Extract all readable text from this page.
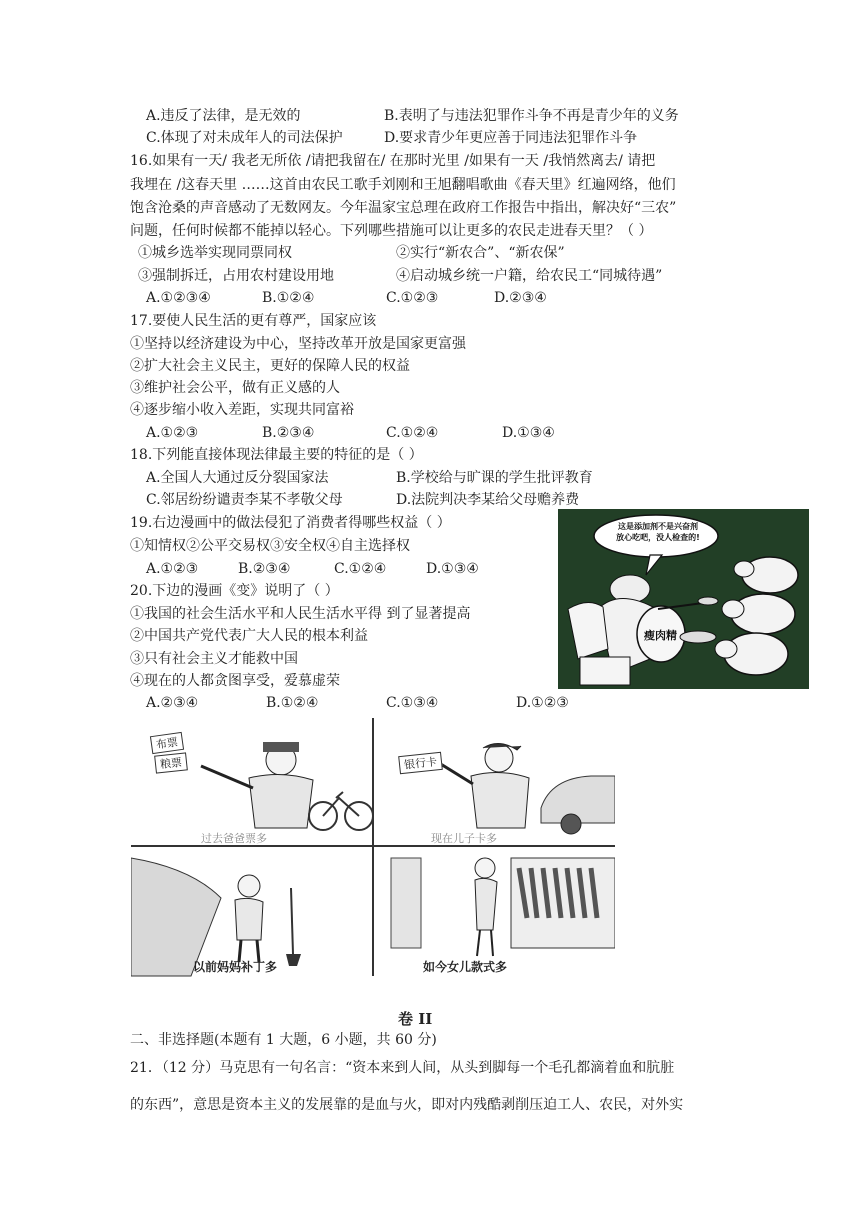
A.违反了法律，是无效的	B.表明了与违法犯罪作斗争不再是青少年的义务
C.体现了对未成年人的司法保护	D.要求青少年更应善于同违法犯罪作斗争
16.如果有一天/ 我老无所依 /请把我留在/ 在那时光里 /如果有一天 /我悄然离去/ 请把
我埋在 /这春天里 ……这首由农民工歌手刘刚和王旭翻唱歌曲《春天里》红遍网络，他们
饱含沧桑的声音感动了无数网友。今年温家宝总理在政府工作报告中指出，解决好“三农”
问题，任何时候都不能掉以轻心。下列哪些措施可以让更多的农民走进春天里？（ ）
①城乡选举实现同票同权	②实行“新农合”、“新农保”
③强制拆迁，占用农村建设用地	④启动城乡统一户籍，给农民工“同城待遇”
A.①②③④	B.①②④	C.①②③	D.②③④
17.要使人民生活的更有尊严，国家应该
①坚持以经济建设为中心，坚持改革开放是国家更富强
②扩大社会主义民主，更好的保障人民的权益
③维护社会公平，做有正义感的人
④逐步缩小收入差距，实现共同富裕
A.①②③	B.②③④	C.①②④	D.①③④
18.下列能直接体现法律最主要的特征的是（ ）
A.全国人大通过反分裂国家法	B.学校给与旷课的学生批评教育
C.邻居纷纷谴责李某不孝敬父母	D.法院判决李某给父母赡养费
19.右边漫画中的做法侵犯了消费者得哪些权益（ ）
①知情权②公平交易权③安全权④自主选择权
A.①②③	B.②③④	C.①②④	D.①③④
20.下边的漫画《变》说明了（ ）
①我国的社会生活水平和人民生活水平得 到了显著提高
②中国共产党代表广大人民的根本利益
③只有社会主义才能救中国
④现在的人都贪图享受，爱慕虚荣
A.②③④	B.①②④	C.①③④	D.①②③
这是添加剂不是兴奋剂
放心吃吧，没人检查的!
瘦肉精
布票
粮票
过去爸爸票多
银行卡
现在儿子卡多
以前妈妈补丁多	如今女儿款式多
卷 II
二、非选择题(本题有 1 大题，6 小题，共 60 分)
21．（12 分）马克思有一句名言：“资本来到人间，从头到脚每一个毛孔都滴着血和肮脏
的东西”，意思是资本主义的发展靠的是血与火，即对内残酷剥削压迫工人、农民，对外实
